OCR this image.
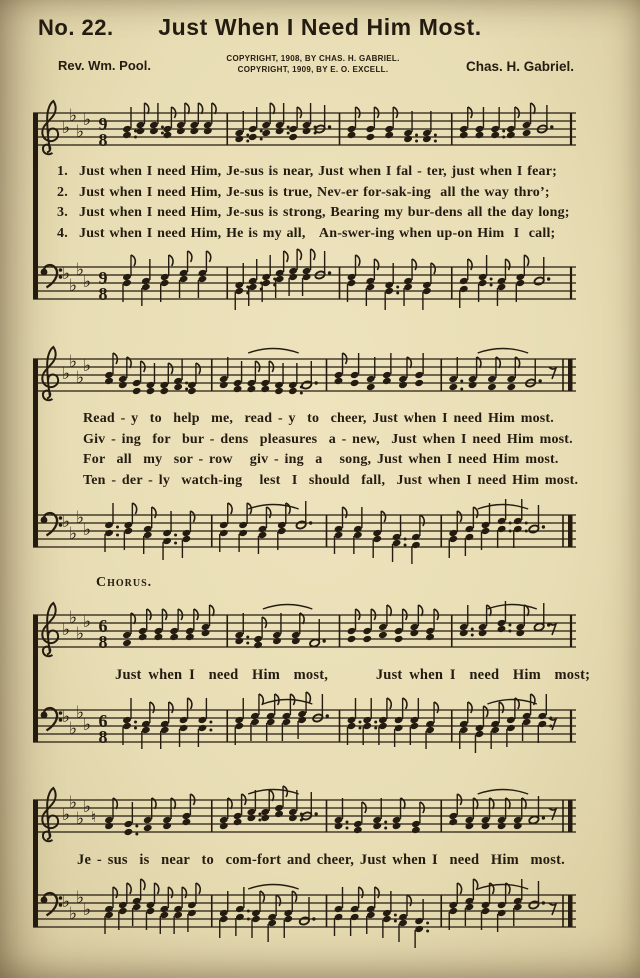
No. 22. Just When I Need Him Most.
Rev. Wm. Pool.	COPYRIGHT, 1908, BY CHAS. H. GABRIEL.
COPYRIGHT, 1909, BY E. O. EXCELL.	Chas. H. Gabriel.
♭
♭
♭
♭ 9
8
1. Just when I need Him, Je-sus is near, Just when I fal - ter, just when I fear;
2. Just when I need Him, Je-sus is true, Nev-er for-sak-ing  all the way thro’;
3. Just when I need Him, Je-sus is strong, Bearing my bur-dens all the day long;
4. Just when I need Him, He is my all,   An-swer-ing when up-on Him  I  call;
♭
♭
♭
♭ 9
8
♭
♭
♭
♭
Read - y  to  help  me,  read - y  to  cheer, Just when I need Him most.
Giv - ing  for  bur - dens  pleasures  a - new,  Just when I need Him most.
For  all  my  sor - row   giv - ing  a   song, Just when I need Him most.
Ten - der - ly  watch-ing   lest  I  should  fall,  Just when I need Him most.
♭
♭
♭
♭
Chorus.
♭
♭
♭
♭ 6
8
Just when I  need  Him  most,       Just when I  need  Him  most;
♭
♭
♭
♭ 6
8
♭
♭
♭
♭ ♮
Je - sus  is  near  to  com-fort and cheer, Just when I  need  Him  most.
♭
♭
♭
♭
